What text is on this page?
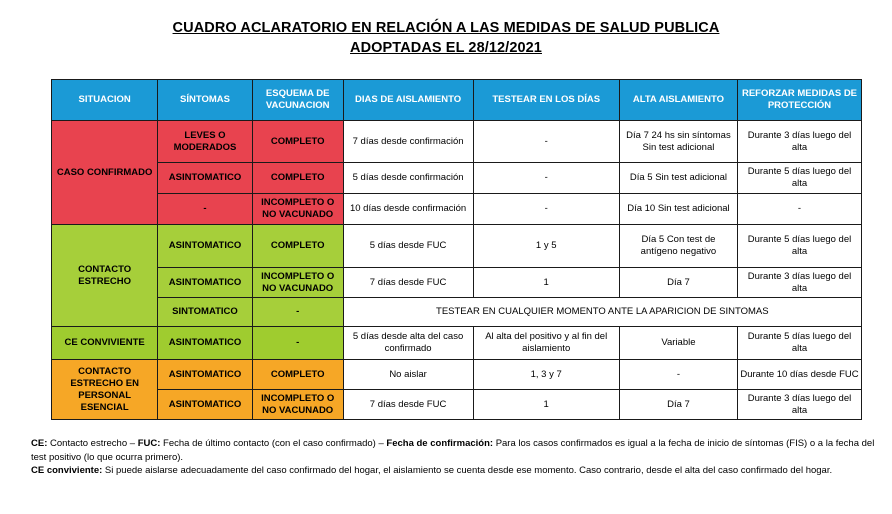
CUADRO ACLARATORIO EN RELACIÓN A LAS MEDIDAS DE SALUD PUBLICA
ADOPTADAS EL 28/12/2021
SITUACION	SÍNTOMAS	ESQUEMA DE VACUNACION	DIAS DE AISLAMIENTO	TESTEAR EN LOS DÍAS	ALTA AISLAMIENTO	REFORZAR MEDIDAS DE PROTECCIÓN
CASO CONFIRMADO	LEVES O MODERADOS	COMPLETO	7 días desde confirmación	-	Día 7 24 hs sin síntomas Sin test adicional	Durante 3 días luego del alta
	ASINTOMATICO	COMPLETO	5 días desde confirmación	-	Día 5 Sin test adicional	Durante 5 días luego del alta
	-	INCOMPLETO O NO VACUNADO	10 días desde confirmación	-	Día 10 Sin test adicional	-
CONTACTO ESTRECHO	ASINTOMATICO	COMPLETO	5 días desde FUC	1 y 5	Día 5 Con test de antígeno negativo	Durante 5 días luego del alta
	ASINTOMATICO	INCOMPLETO O NO VACUNADO	7 días desde FUC	1	Día 7	Durante 3 días luego del alta
	SINTOMATICO	-	TESTEAR EN CUALQUIER MOMENTO ANTE LA APARICION DE SINTOMAS			
CE CONVIVIENTE	ASINTOMATICO	-	5 días desde alta del caso confirmado	Al alta del positivo y al fin del aislamiento	Variable	Durante 5 días luego del alta
CONTACTO ESTRECHO EN PERSONAL ESENCIAL	ASINTOMATICO	COMPLETO	No aislar	1, 3 y 7	-	Durante 10 días desde FUC
	ASINTOMATICO	INCOMPLETO O NO VACUNADO	7 días desde FUC	1	Día 7	Durante 3 días luego del alta
CE: Contacto estrecho – FUC: Fecha de último contacto (con el caso confirmado) – Fecha de confirmación: Para los casos confirmados es igual a la fecha de inicio de síntomas (FIS) o a la fecha del test positivo (lo que ocurra primero).
CE conviviente: Si puede aislarse adecuadamente del caso confirmado del hogar, el aislamiento se cuenta desde ese momento. Caso contrario, desde el alta del caso confirmado del hogar.
